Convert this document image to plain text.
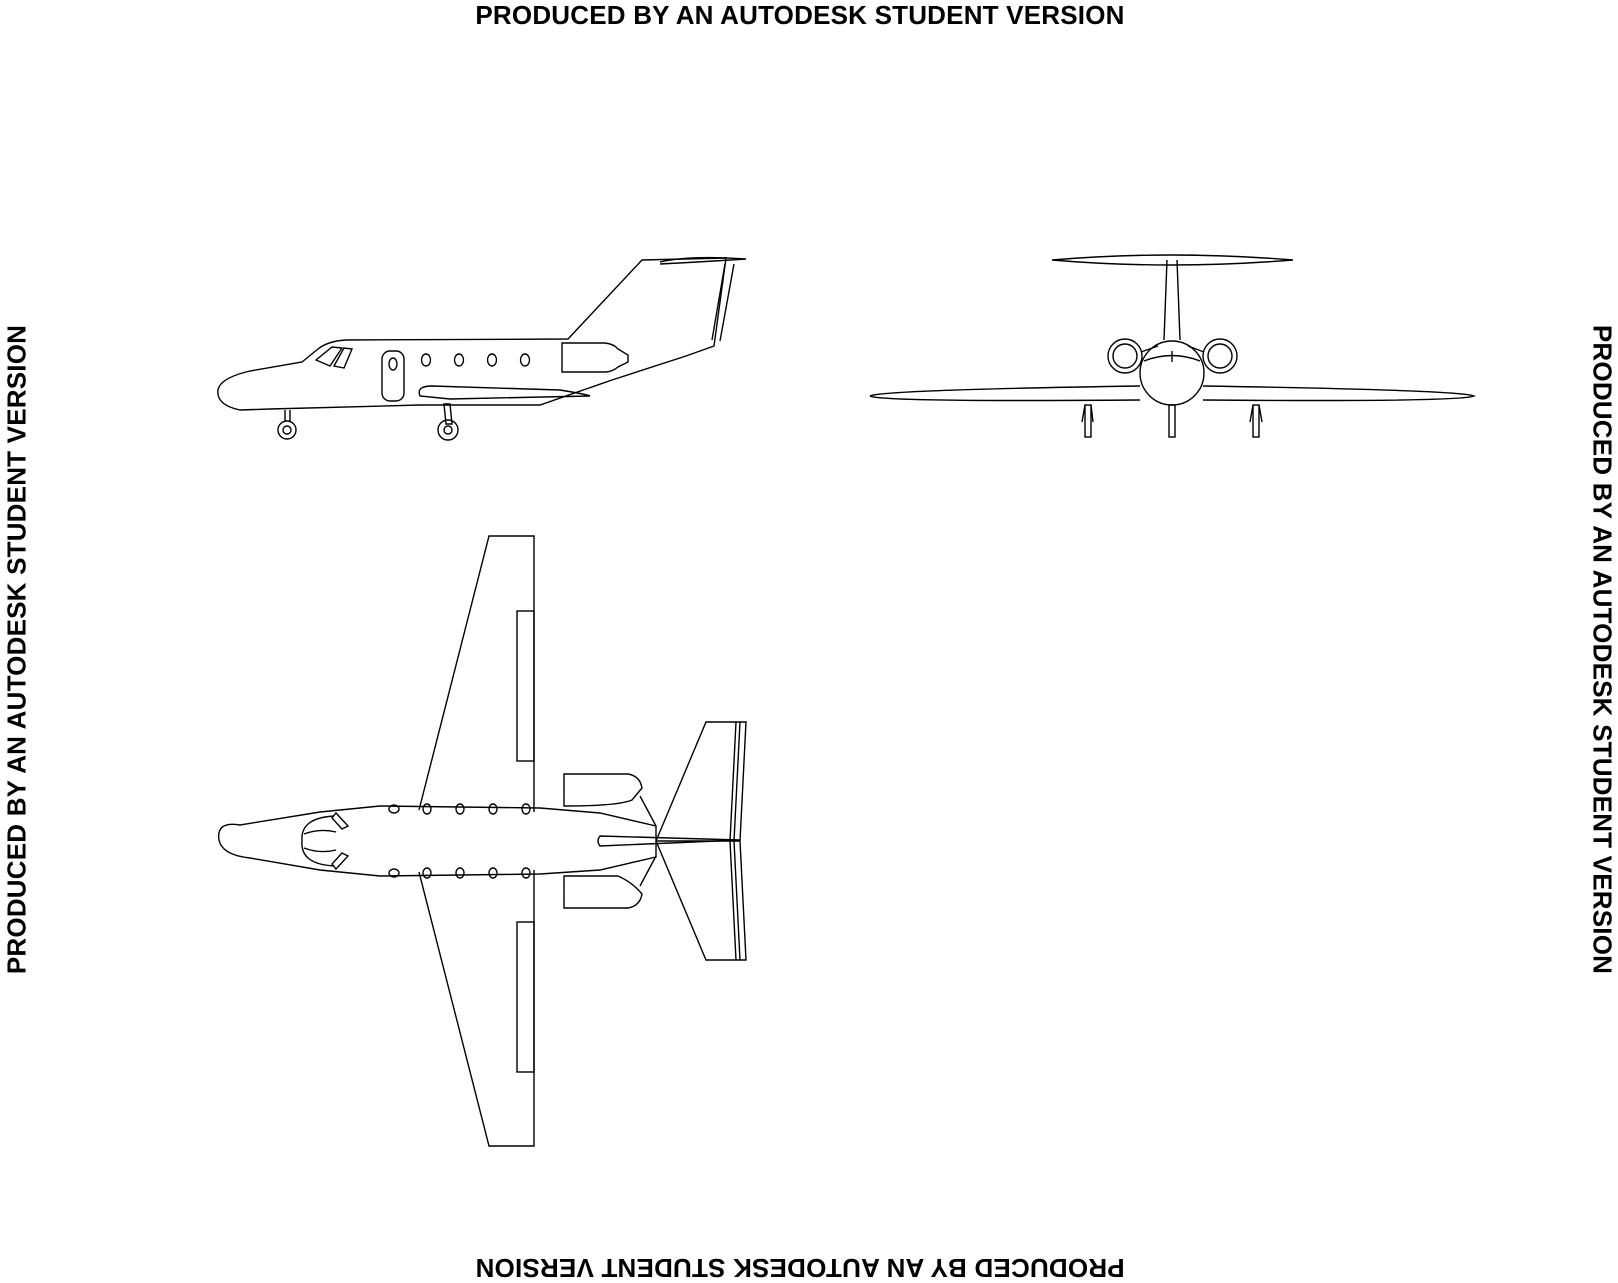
PRODUCED BY AN AUTODESK STUDENT VERSION
PRODUCED BY AN AUTODESK STUDENT VERSION
PRODUCED BY AN AUTODESK STUDENT VERSION	PRODUCED BY AN AUTODESK STUDENT VERSION
